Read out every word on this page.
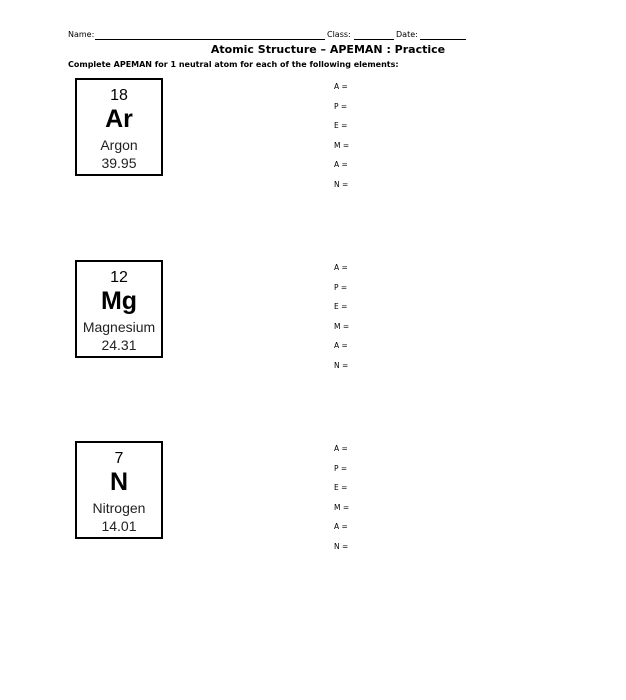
Name:	Class:	Date:
Atomic Structure – APEMAN : Practice
Complete APEMAN for 1 neutral atom for each of the following elements:
18
Ar
Argon
39.95
A =
P =
E =
M =
A =
N =
12
Mg
Magnesium
24.31
A =
P =
E =
M =
A =
N =
7
N
Nitrogen
14.01
A =
P =
E =
M =
A =
N =
